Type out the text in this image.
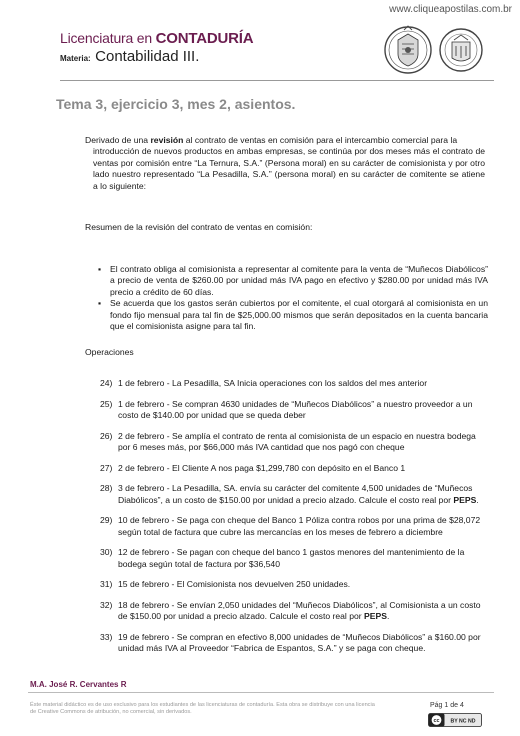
www.cliqueapostilas.com.br
Licenciatura en CONTADURÍA
Materia: Contabilidad III.
Tema 3, ejercicio 3, mes 2, asientos.

Derivado de una revisión al contrato de ventas en comisión para el intercambio comercial para la
introducción de nuevos productos en ambas empresas, se continúa por dos meses más el contrato de ventas por comisión entre “La Ternura, S.A.” (Persona moral) en su carácter de comisionista y por otro lado nuestro representado “La Pesadilla, S.A.” (persona moral) en su carácter de comitente se atiene a lo siguiente:

Resumen de la revisión del contrato de ventas en comisión:

▪ El contrato obliga al comisionista a representar al comitente para la venta de “Muñecos Diabólicos” a precio de venta de $260.00 por unidad más IVA pago en efectivo y $280.00 por unidad más IVA precio a crédito de 60 días.
▪ Se acuerda que los gastos serán cubiertos por el comitente, el cual otorgará al comisionista en un fondo fijo mensual para tal fin de $25,000.00 mismos que serán depositados en la cuenta bancaria que el comisionista asigne para tal fin.

Operaciones

24) 1 de febrero - La Pesadilla, SA Inicia operaciones con los saldos del mes anterior
25) 1 de febrero - Se compran 4630 unidades de “Muñecos Diabólicos” a nuestro proveedor a un costo de $140.00 por unidad que se queda deber
26) 2 de febrero - Se amplía el contrato de renta al comisionista de un espacio en nuestra bodega por 6 meses más, por $66,000 más IVA cantidad que nos pagó con cheque
27) 2 de febrero - El Cliente A nos paga $1,299,780 con depósito en el Banco 1
28) 3 de febrero - La Pesadilla, SA. envía su carácter del comitente 4,500 unidades de “Muñecos Diabólicos”, a un costo de $150.00 por unidad a precio alzado. Calcule el costo real por PEPS.
29) 10 de febrero - Se paga con cheque del Banco 1 Póliza contra robos por una prima de $28,072 según total de factura que cubre las mercancías en los meses de febrero a diciembre
30) 12 de febrero - Se pagan con cheque del banco 1 gastos menores del mantenimiento de la bodega según total de factura por $36,540
31) 15 de febrero - El Comisionista nos devuelven 250 unidades.
32) 18 de febrero - Se envían 2,050 unidades del “Muñecos Diabólicos”, al Comisionista a un costo de $150.00 por unidad a precio alzado. Calcule el costo real por PEPS.
33) 19 de febrero - Se compran en efectivo 8,000 unidades de “Muñecos Diabólicos” a $160.00 por unidad más IVA al Proveedor “Fabrica de Espantos, S.A.” y se paga con cheque.
M.A. José R. Cervantes R
Éste material didáctico es de uso exclusivo para los estudiantes de las licenciaturas de contaduría. Esta obra se distribuye con una licencia de Creative Commons de atribución, no comercial, sin derivados.
Pág 1 de 4
cc BY NC ND
